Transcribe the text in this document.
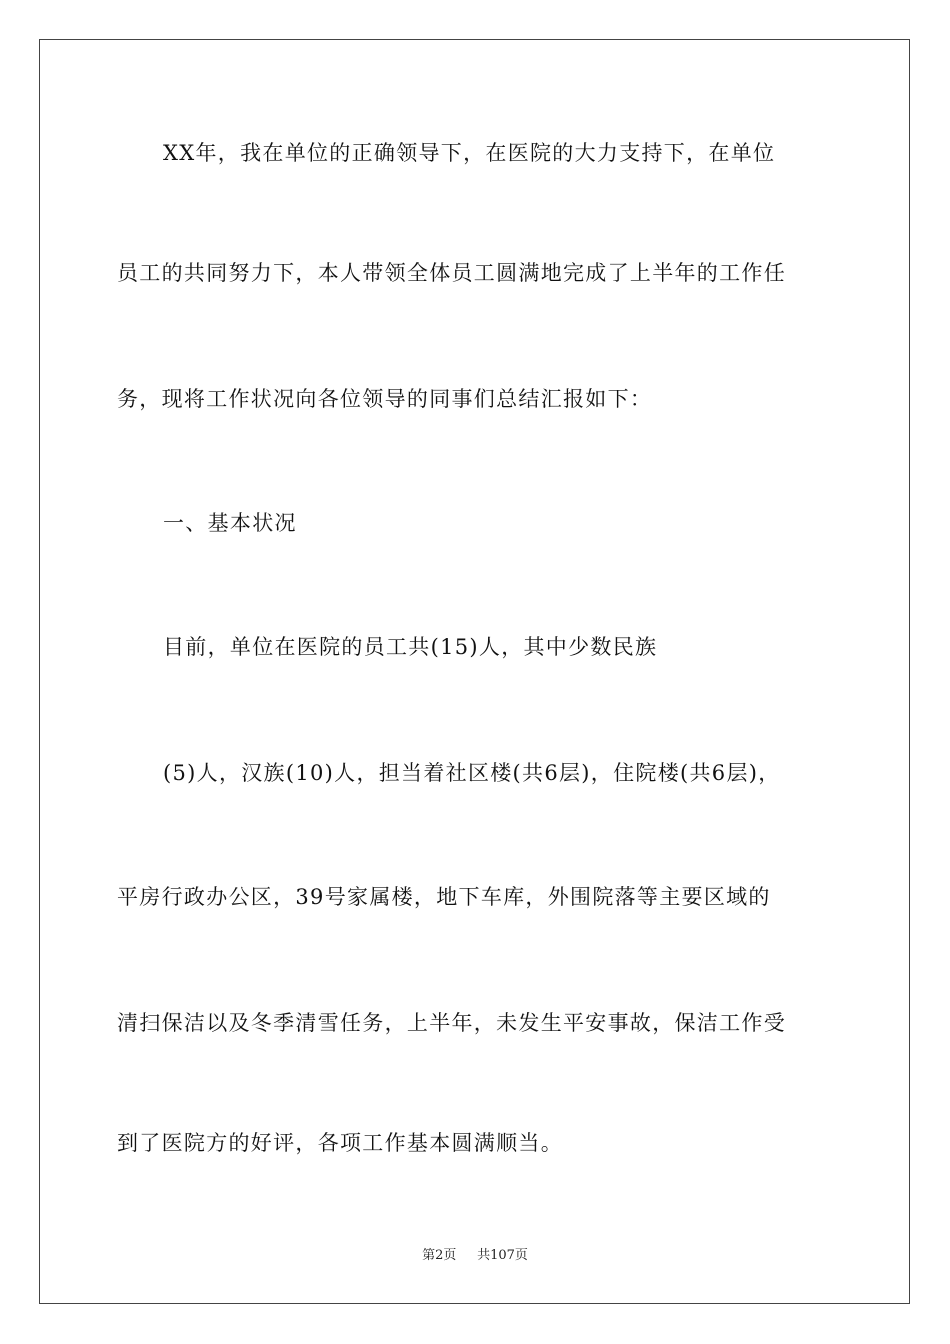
XX年，我在单位的正确领导下，在医院的大力支持下，在单位
员工的共同努力下，本人带领全体员工圆满地完成了上半年的工作任
务，现将工作状况向各位领导的同事们总结汇报如下：
一、基本状况
目前，单位在医院的员工共(15)人，其中少数民族
(5)人，汉族(10)人，担当着社区楼(共6层)，住院楼(共6层)，
平房行政办公区，39号家属楼，地下车库，外围院落等主要区域的
清扫保洁以及冬季清雪任务，上半年，未发生平安事故，保洁工作受
到了医院方的好评，各项工作基本圆满顺当。
第2页 共107页
